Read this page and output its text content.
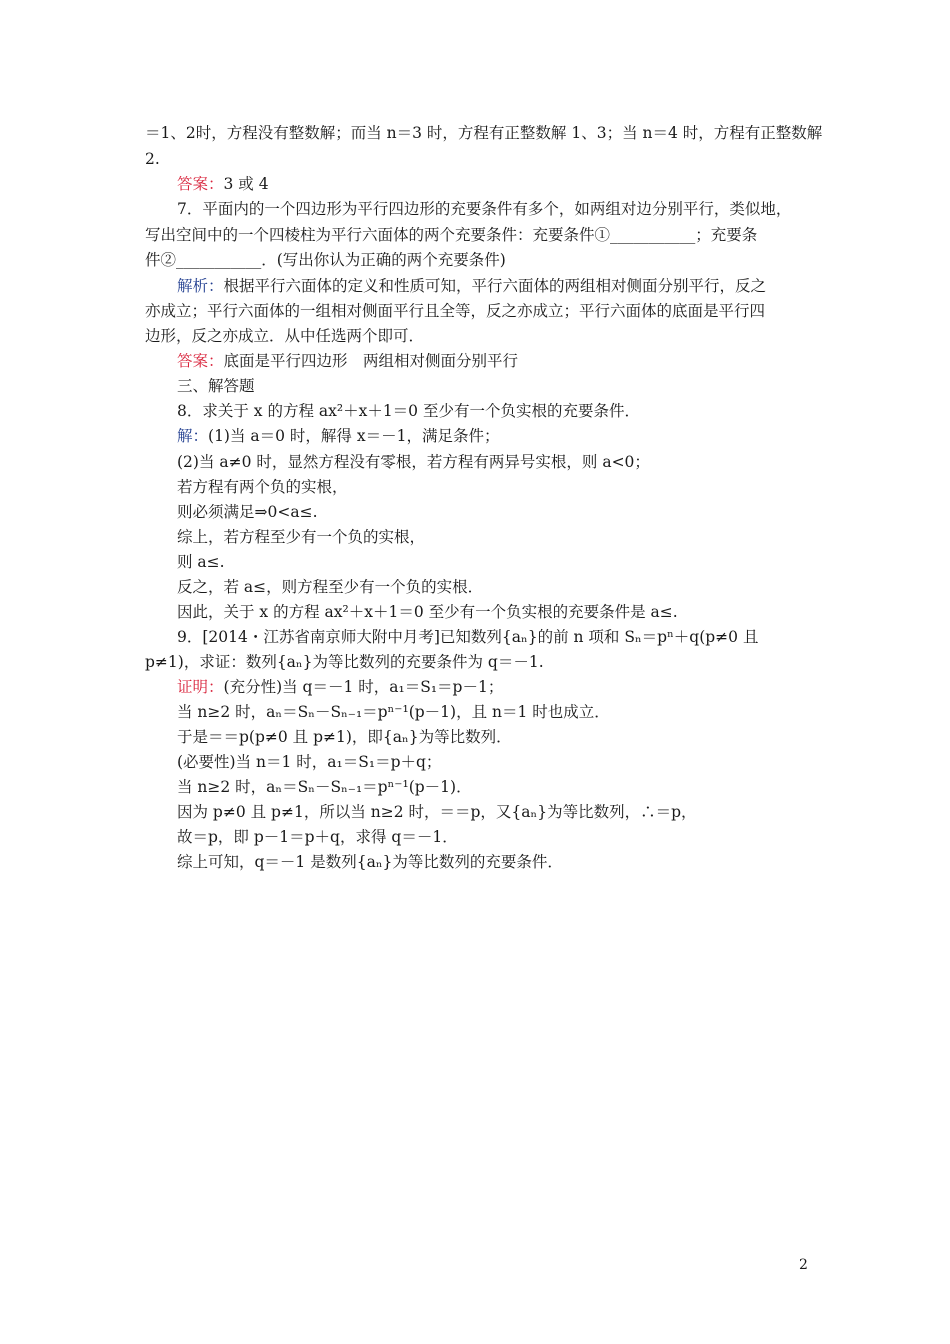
＝1、2时，方程没有整数解；而当 n＝3 时，方程有正整数解 1、3；当 n＝4 时，方程有正整数解
2.
答案：3 或 4
7．平面内的一个四边形为平行四边形的充要条件有多个，如两组对边分别平行，类似地，
写出空间中的一个四棱柱为平行六面体的两个充要条件：充要条件①___________；充要条
件②___________．(写出你认为正确的两个充要条件)
解析：根据平行六面体的定义和性质可知，平行六面体的两组相对侧面分别平行，反之
亦成立；平行六面体的一组相对侧面平行且全等，反之亦成立；平行六面体的底面是平行四
边形，反之亦成立．从中任选两个即可．
答案：底面是平行四边形　两组相对侧面分别平行
三、解答题
8．求关于 x 的方程 ax²＋x＋1＝0 至少有一个负实根的充要条件．
解：(1)当 a＝0 时，解得 x＝－1，满足条件；
(2)当 a≠0 时，显然方程没有零根，若方程有两异号实根，则 a<0；
若方程有两个负的实根，
则必须满足⇒0<a≤.
综上，若方程至少有一个负的实根，
则 a≤.
反之，若 a≤，则方程至少有一个负的实根．
因此，关于 x 的方程 ax²＋x＋1＝0 至少有一个负实根的充要条件是 a≤.
9．[2014・江苏省南京师大附中月考]已知数列{aₙ}的前 n 项和 Sₙ＝pⁿ＋q(p≠0 且
p≠1)，求证：数列{aₙ}为等比数列的充要条件为 q＝－1.
证明：(充分性)当 q＝－1 时，a₁＝S₁＝p－1；
当 n≥2 时，aₙ＝Sₙ－Sₙ₋₁＝pⁿ⁻¹(p－1)，且 n＝1 时也成立．
于是＝＝p(p≠0 且 p≠1)，即{aₙ}为等比数列．
(必要性)当 n＝1 时，a₁＝S₁＝p＋q；
当 n≥2 时，aₙ＝Sₙ－Sₙ₋₁＝pⁿ⁻¹(p－1)．
因为 p≠0 且 p≠1，所以当 n≥2 时，＝＝p，又{aₙ}为等比数列，∴＝p，
故＝p，即 p－1＝p＋q，求得 q＝－1．
综上可知，q＝－1 是数列{aₙ}为等比数列的充要条件．
2
